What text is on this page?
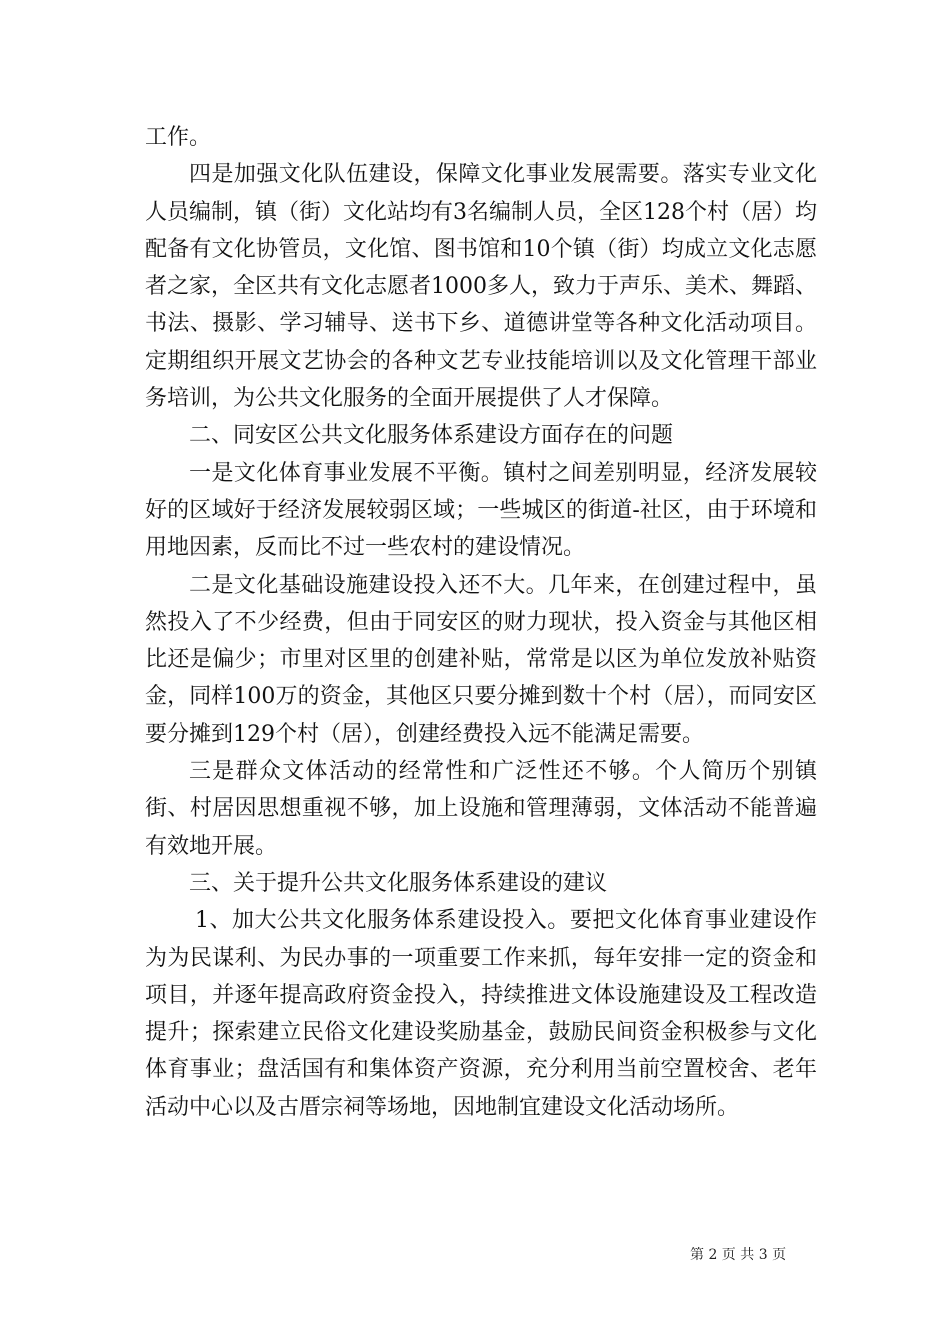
工作。

四是加强文化队伍建设，保障文化事业发展需要。落实专业文化人员编制，镇（街）文化站均有3名编制人员，全区128个村（居）均配备有文化协管员，文化馆、图书馆和10个镇（街）均成立文化志愿者之家，全区共有文化志愿者1000多人，致力于声乐、美术、舞蹈、书法、摄影、学习辅导、送书下乡、道德讲堂等各种文化活动项目。定期组织开展文艺协会的各种文艺专业技能培训以及文化管理干部业务培训，为公共文化服务的全面开展提供了人才保障。

二、同安区公共文化服务体系建设方面存在的问题

一是文化体育事业发展不平衡。镇村之间差别明显，经济发展较好的区域好于经济发展较弱区域；一些城区的街道-社区，由于环境和用地因素，反而比不过一些农村的建设情况。

二是文化基础设施建设投入还不大。几年来，在创建过程中，虽然投入了不少经费，但由于同安区的财力现状，投入资金与其他区相比还是偏少；市里对区里的创建补贴，常常是以区为单位发放补贴资金，同样100万的资金，其他区只要分摊到数十个村（居），而同安区要分摊到129个村（居），创建经费投入远不能满足需要。

三是群众文体活动的经常性和广泛性还不够。个人简历个别镇街、村居因思想重视不够，加上设施和管理薄弱，文体活动不能普遍有效地开展。

三、关于提升公共文化服务体系建设的建议

1、加大公共文化服务体系建设投入。要把文化体育事业建设作为为民谋利、为民办事的一项重要工作来抓，每年安排一定的资金和项目，并逐年提高政府资金投入，持续推进文体设施建设及工程改造提升；探索建立民俗文化建设奖励基金，鼓励民间资金积极参与文化体育事业；盘活国有和集体资产资源，充分利用当前空置校舍、老年活动中心以及古厝宗祠等场地，因地制宜建设文化活动场所。

第 2 页 共 3 页
